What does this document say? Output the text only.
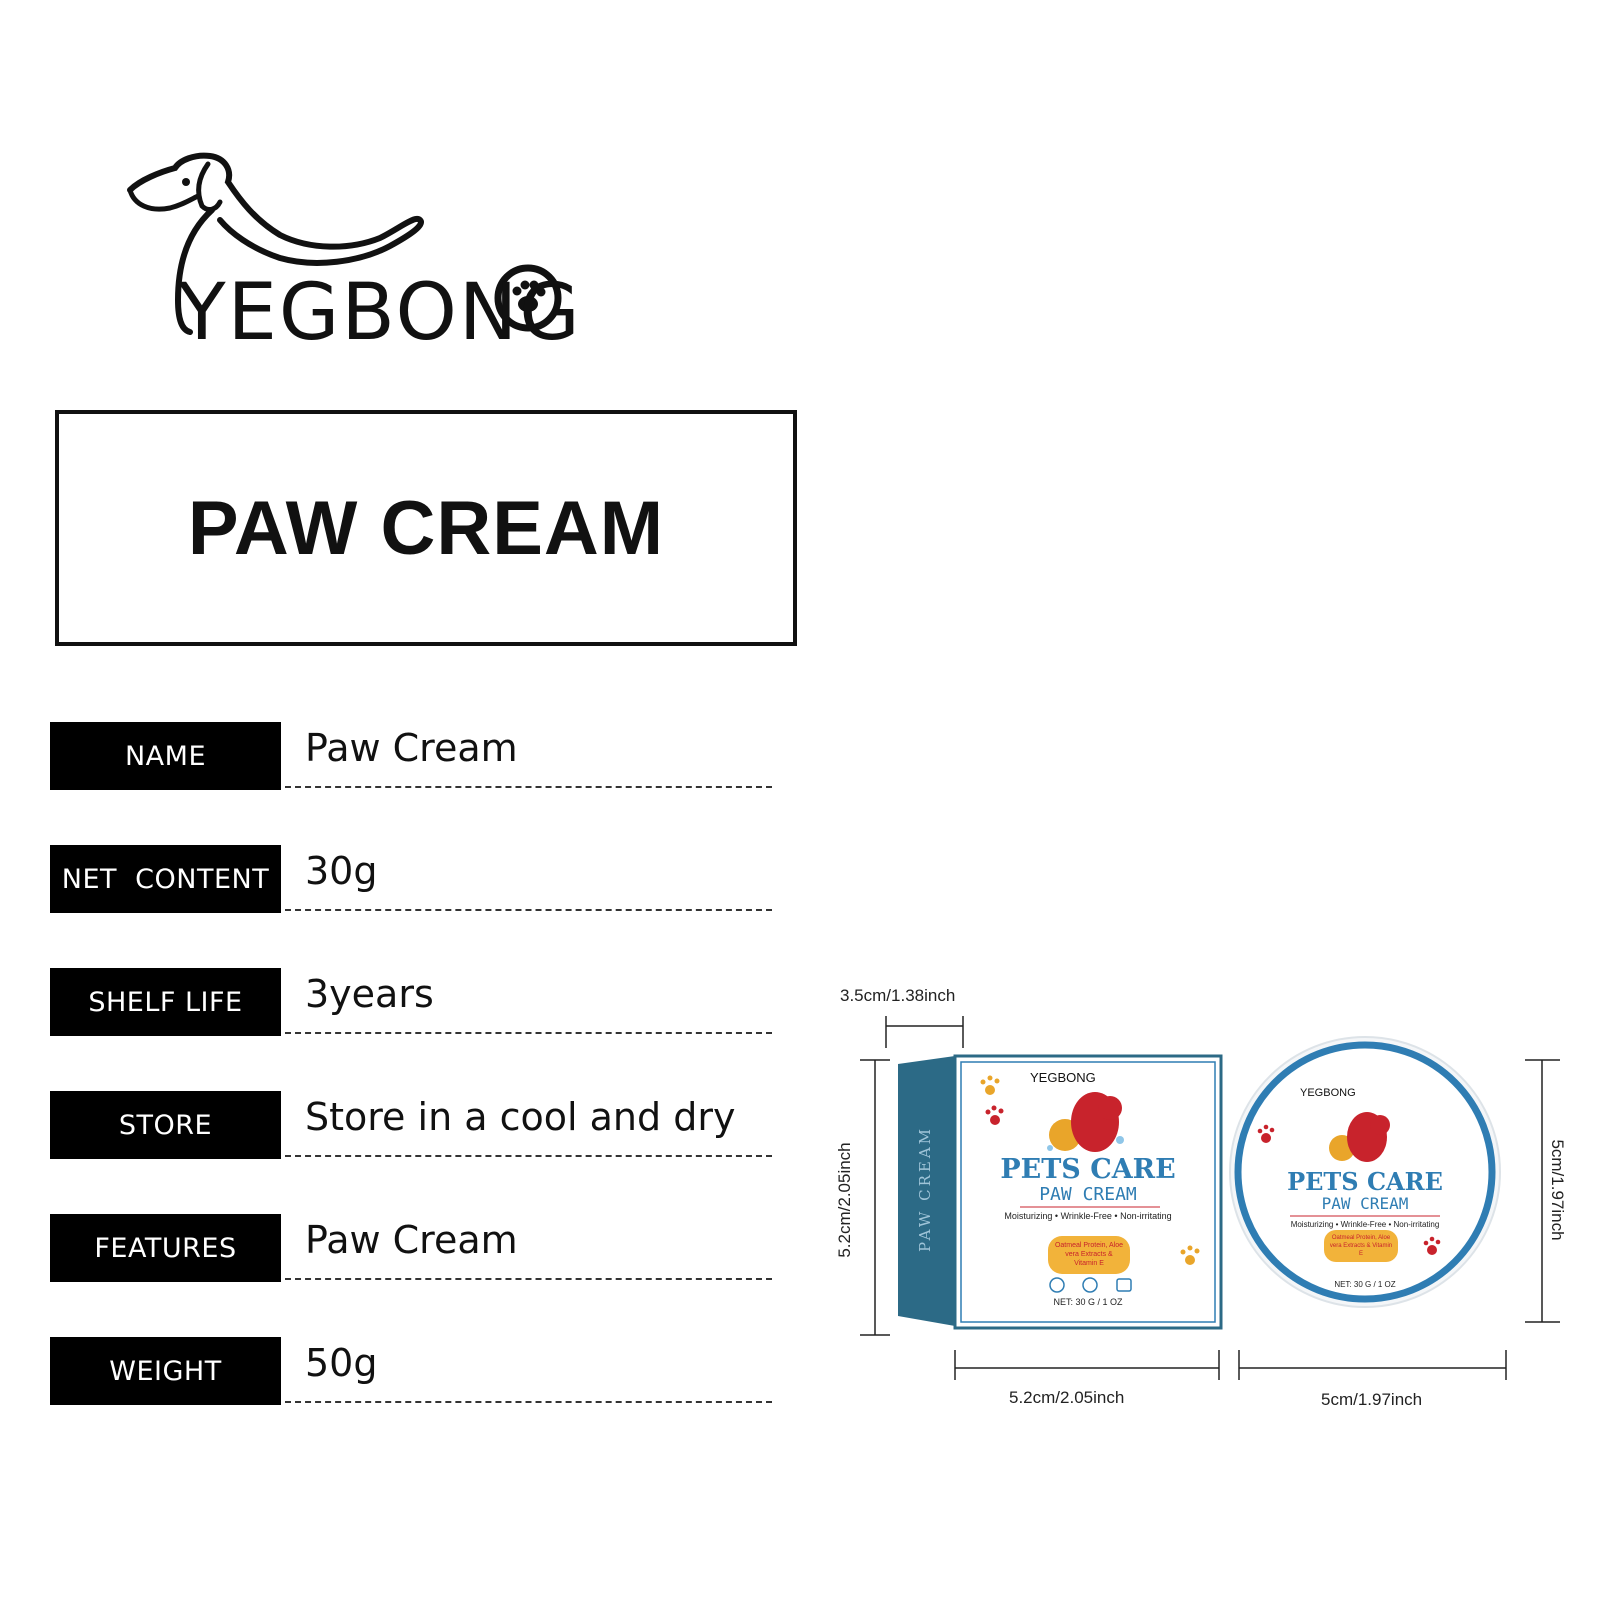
YEGBONG
PAW CREAM
NAME	Paw Cream
NET  CONTENT 30g
SHELF LIFE	3years
STORE	Store in a cool and dry
FEATURES	Paw Cream
WEIGHT	50g
3.5cm/1.38inch
5.2cm/2.05inch
5.2cm/2.05inch	5cm/1.97inch
5cm/1.97inch
PAW CREAM
YEGBONG
PETS CARE
PAW CREAM
Moisturizing • Wrinkle-Free • Non-irritating
Oatmeal Protein, Aloe vera Extracts & Vitamin E
NET: 30 G / 1 OZ
YEGBONG
PETS CARE
PAW CREAM
Moisturizing • Wrinkle-Free • Non-irritating
Oatmeal Protein, Aloe vera Extracts & Vitamin E
NET: 30 G / 1 OZ
